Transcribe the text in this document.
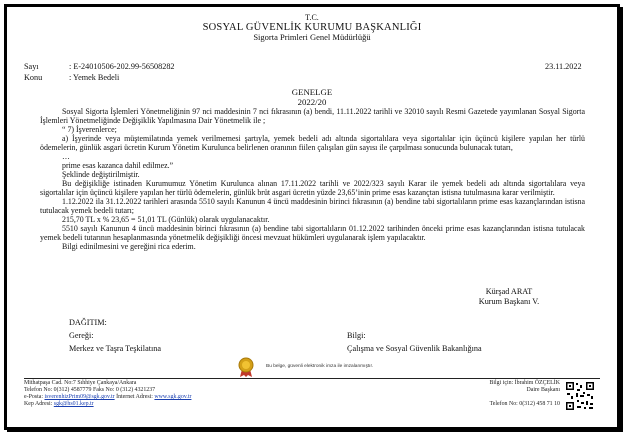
T.C.
SOSYAL GÜVENLİK KURUMU BAŞKANLIĞI
Sigorta Primleri Genel Müdürlüğü
Sayı	: E-24010506-202.99-56508282	23.11.2022
Konu	: Yemek Bedeli
GENELGE
2022/20

Sosyal Sigorta İşlemleri Yönetmeliğinin 97 nci maddesinin 7 nci fıkrasının (a) bendi, 11.11.2022 tarihli ve 32010 sayılı Resmi Gazetede yayımlanan Sosyal Sigorta İşlemleri Yönetmeliğinde Değişiklik Yapılmasına Dair Yönetmelik ile ;

“ 7) İşverenlerce;

a) İşyerinde veya müştemilatında yemek verilmemesi şartıyla, yemek bedeli adı altında sigortalılara veya sigortalılar için üçüncü kişilere yapılan her türlü ödemelerin, günlük asgari ücretin Kurum Yönetim Kurulunca belirlenen oranının fiilen çalışılan gün sayısı ile çarpılması sonucunda bulunacak tutarı,

…

prime esas kazanca dahil edilmez.”

Şeklinde değiştirilmiştir.

Bu değişikliğe istinaden Kurumumuz Yönetim Kurulunca alınan 17.11.2022 tarihli ve 2022/323 sayılı Karar ile yemek bedeli adı altında sigortalılara veya sigortalılar için üçüncü kişilere yapılan her türlü ödemelerin, günlük brüt asgari ücretin yüzde 23,65’inin prime esas kazançtan istisna tutulmasına karar verilmiştir.

1.12.2022 ila 31.12.2022 tarihleri arasında 5510 sayılı Kanunun 4 üncü maddesinin birinci fıkrasının (a) bendine tabi sigortalıların prime esas kazançlarından istisna tutulacak yemek bedeli tutarı;

215,70 TL x % 23,65 = 51,01 TL (Günlük) olarak uygulanacaktır.

5510 sayılı Kanunun 4 üncü maddesinin birinci fıkrasının (a) bendine tabi sigortalıların 01.12.2022 tarihinden önceki prime esas kazançlarından istisna tutulacak yemek bedeli tutarının hesaplanmasında yönetmelik değişikliği öncesi mevzuat hükümleri uygulanarak işlem yapılacaktır.

Bilgi edinilmesini ve gereğini rica ederim.

Kürşad ARAT
Kurum Başkanı V.
DAĞITIM:
Gereği:
Merkez ve Taşra Teşkilatına
Bilgi:
Çalışma ve Sosyal Güvenlik Bakanlığına
Bu belge, güvenli elektronik imza ile imzalanmıştır.
Mithatpaşa Cad. No:7 Sıhhiye Çankaya/Ankara
Telefon No: 0(312) 4587779 Faks No: 0 (312) 4321237
e-Posta: isverenhizPrim09@sgk.gov.tr İnternet Adresi: www.sgk.gov.tr
Kep Adresi: sgk@hs01.kep.tr
Bilgi için: İbrahim ÖZÇELİK
Daire Başkanı
Telefon No: 0(312) 458 71 10
